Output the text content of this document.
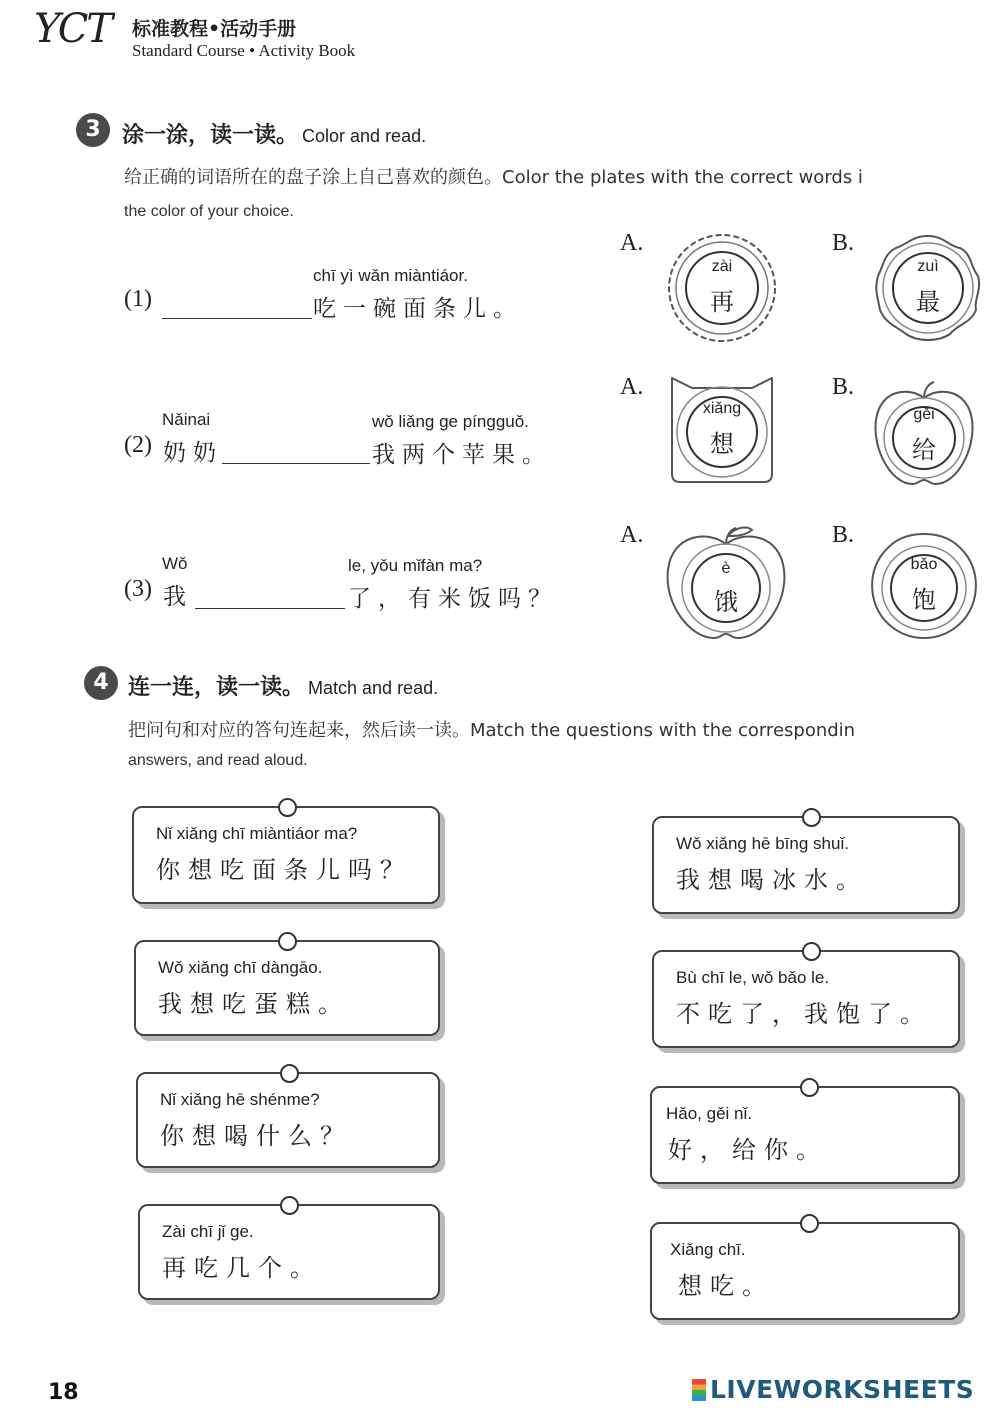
YCT 标准教程•活动手册
Standard Course • Activity Book
3 涂一涂，读一读。 Color and read.
给正确的词语所在的盘子涂上自己喜欢的颜色。Color the plates with the correct words i
the color of your choice.
(1)
chī yì wǎn miàntiáor.
吃一碗面条儿。
A.
zài
再
B.
zuì
最
Nǎinai
(2) 奶奶
wǒ liǎng ge píngguǒ.
我两个苹果。
A.
xiǎng
想
B.
gěi
给
Wǒ
(3) 我
le, yǒu mǐfàn ma?
了，有米饭吗？
A.
è
饿
B.
bǎo
饱
4 连一连，读一读。 Match and read.
把问句和对应的答句连起来，然后读一读。Match the questions with the correspondin
answers, and read aloud.
Nǐ xiǎng chī miàntiáor ma?
你想吃面条儿吗？
Wǒ xiǎng chī dàngāo.
我想吃蛋糕。
Nǐ xiǎng hē shénme?
你想喝什么？
Zài chī jǐ ge.
再吃几个。
Wǒ xiǎng hē bīng shuǐ.
我想喝冰水。
Bù chī le, wǒ bǎo le.
不吃了，我饱了。
Hǎo, gěi nǐ.
好，给你。
Xiǎng chī.
想吃。
18	LIVEWORKSHEETS
